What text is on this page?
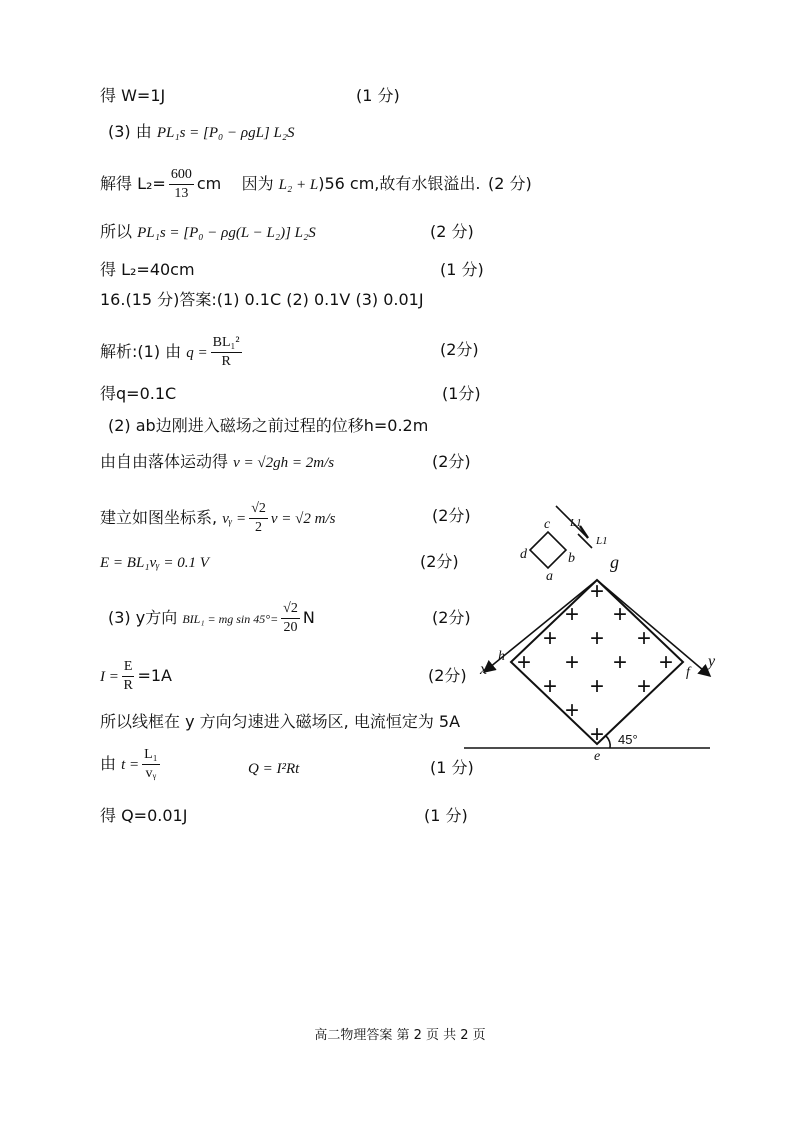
得 W=1J	(1 分)
(3) 由 PL₁s = [P₀ − ρgL] L₂S
解得 $L_2= \frac{600}{13}$ cm 因为 L₂ + L)56 cm,故有水银溢出. (2 分)
所以 PL₁s = [P₀ − ρg(L − L₂)] L₂S	(2 分)
得 L₂=40cm	(1 分)
16.(15 分)答案:(1) 0.1C (2) 0.1V (3) 0.01J
解析:(1) 由 $q = \frac{\text{BL₁²}}{R}$	(2分)
得q=0.1C	(1分)
(2) ab边刚进入磁场之前过程的位移h=0.2m
由自由落体运动得 v = √2gh = 2m/s	(2分)
建立如图坐标系, vᵧ = $\frac{√2}{2}$ v = √2 m/s	(2分)
E = BL₁vᵧ = 0.1 V	(2分)
(3) y方向 BIL₁ = mg $\sin 45^\circ= \frac{√2}{20}$ N	(2分)
$I = \frac{E}{R} =1A$	(2分)
所以线框在 y 方向匀速进入磁场区, 电流恒定为 5A
由 $t = \frac{\text{L₁}}{\text{vᵧ}}$	Q = I²Rt	(1 分)
得 Q=0.01J	(1 分)
+
+ +
+ + +
+ + + +
+ + +
+
+
c
d
a
b g
h
x	f
y
e
L1
L1
45°
高二物理答案 第 2 页 共 2 页
